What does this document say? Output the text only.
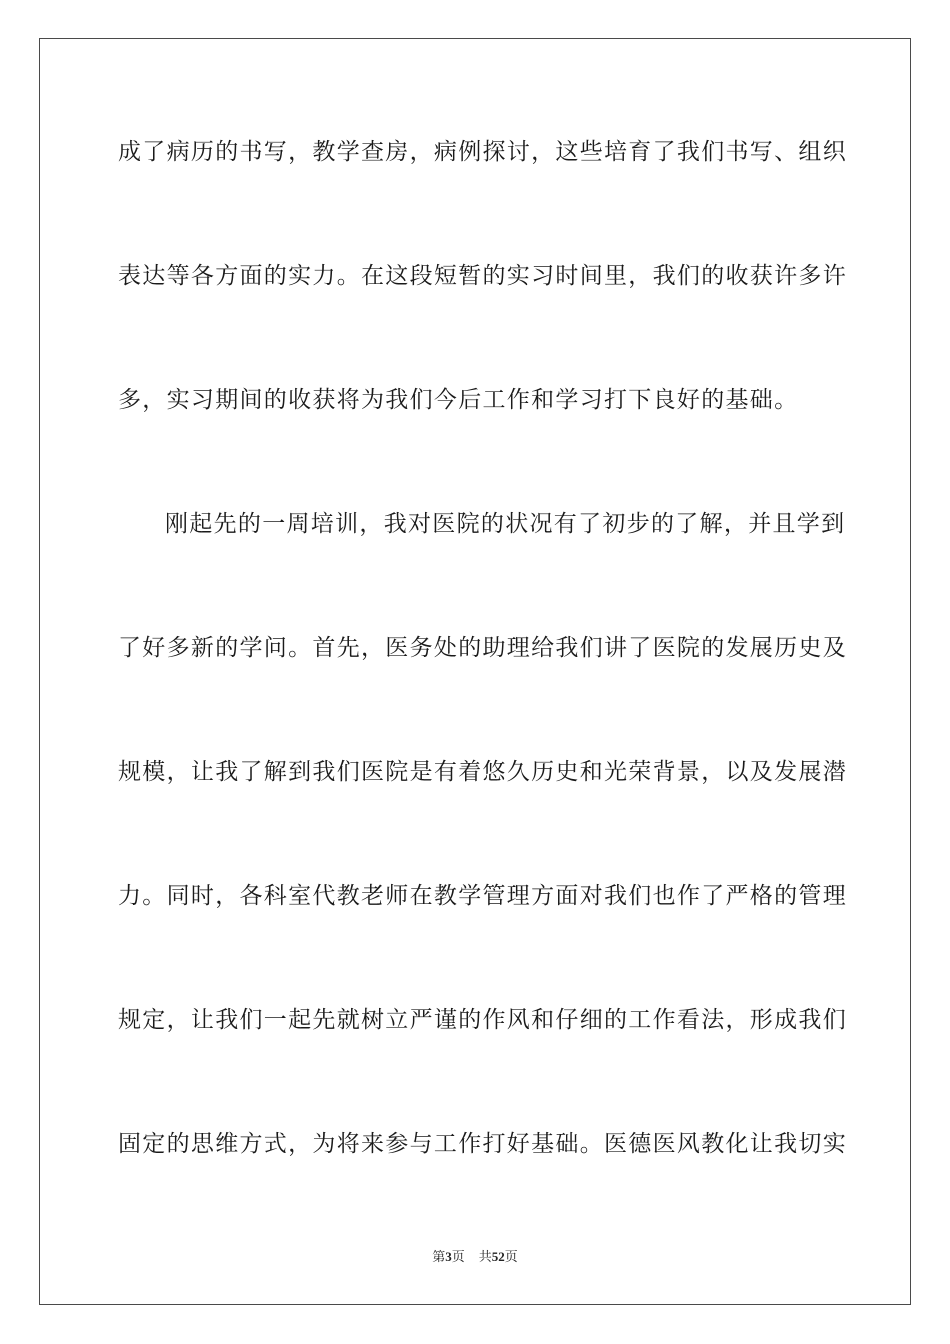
成了病历的书写，教学查房，病例探讨，这些培育了我们书写、组织
表达等各方面的实力。在这段短暂的实习时间里，我们的收获许多许
多，实习期间的收获将为我们今后工作和学习打下良好的基础。
刚起先的一周培训，我对医院的状况有了初步的了解，并且学到
了好多新的学问。首先，医务处的助理给我们讲了医院的发展历史及
规模，让我了解到我们医院是有着悠久历史和光荣背景，以及发展潜
力。同时，各科室代教老师在教学管理方面对我们也作了严格的管理
规定，让我们一起先就树立严谨的作风和仔细的工作看法，形成我们
固定的思维方式，为将来参与工作打好基础。医德医风教化让我切实
第3页 共52页
